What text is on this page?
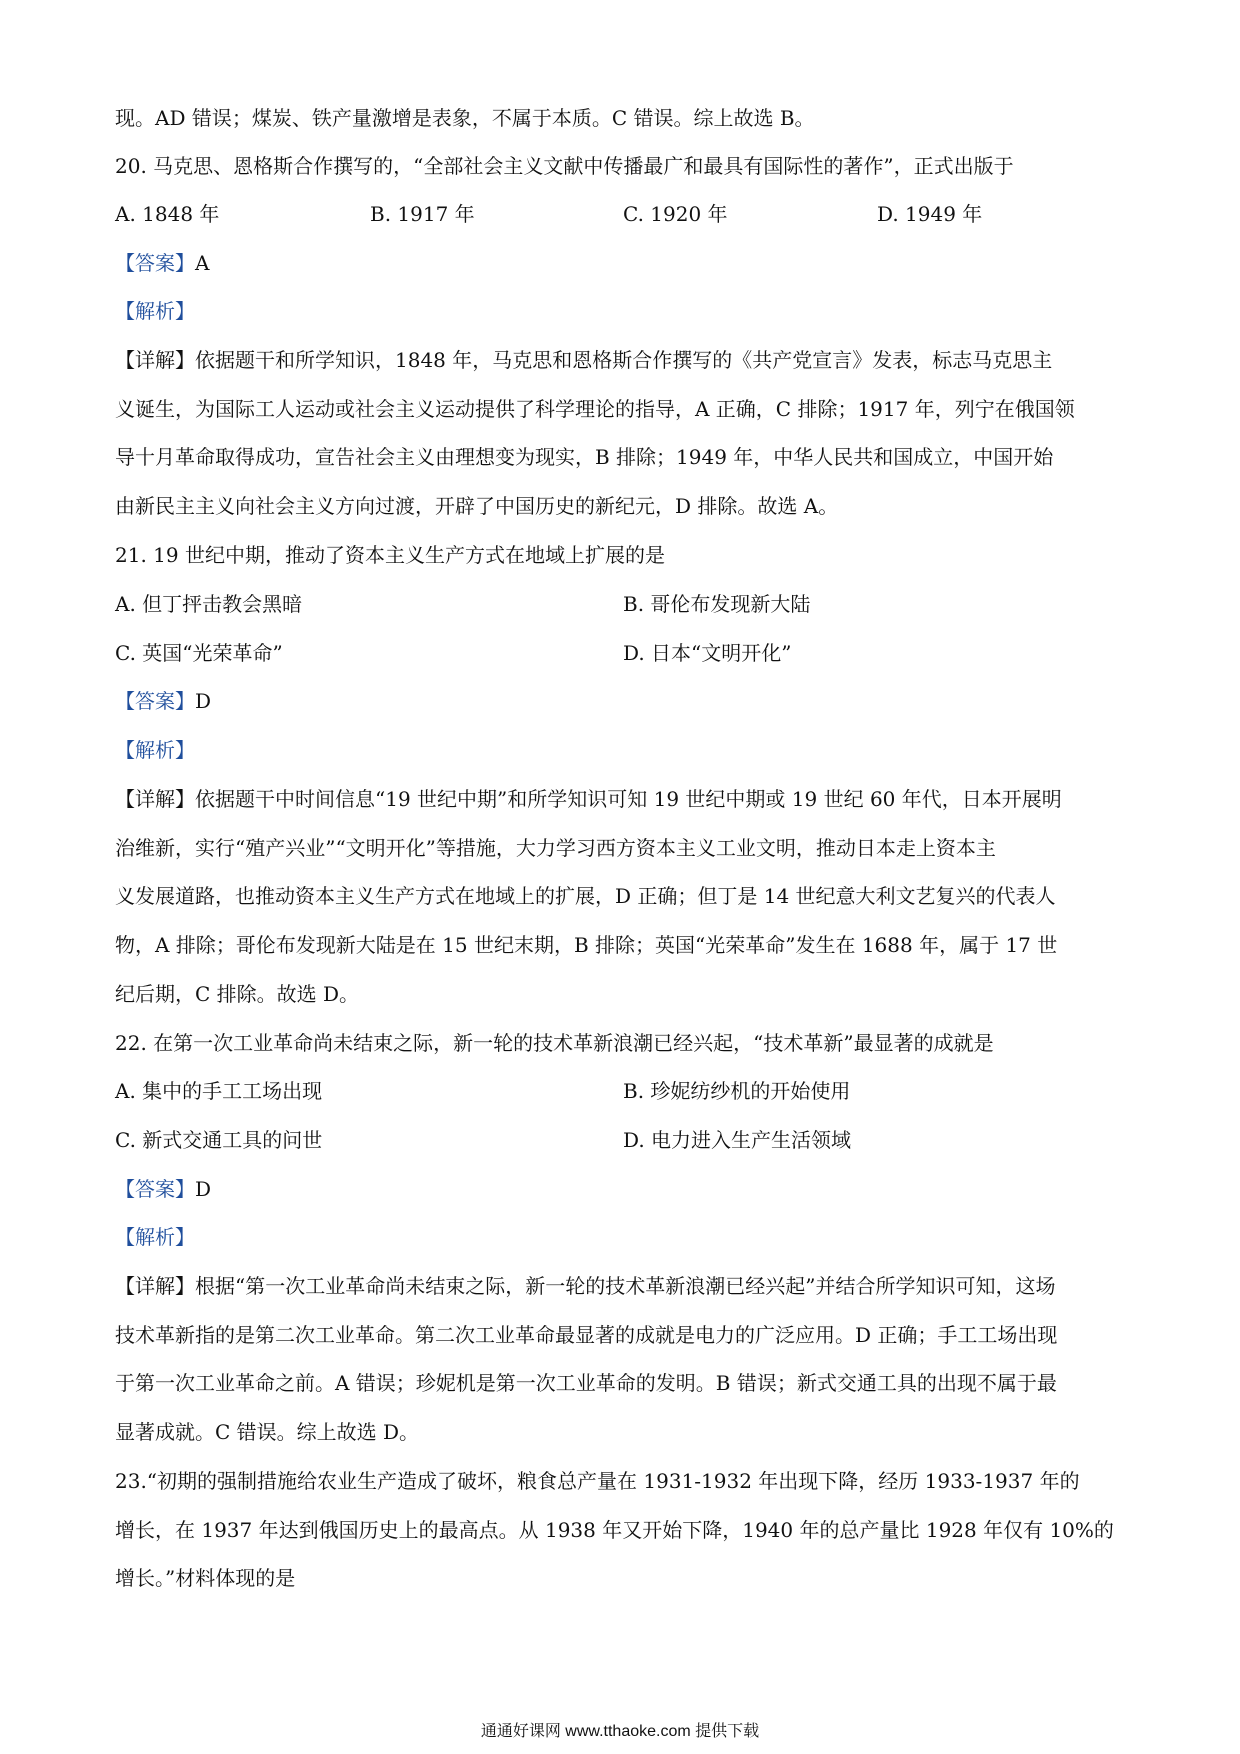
现。AD 错误；煤炭、铁产量激增是表象，不属于本质。C 错误。综上故选 B。
20. 马克思、恩格斯合作撰写的，“全部社会主义文献中传播最广和最具有国际性的著作”，正式出版于
A. 1848 年	B. 1917 年	C. 1920 年	D. 1949 年
【答案】A
【解析】
【详解】依据题干和所学知识，1848 年，马克思和恩格斯合作撰写的《共产党宣言》发表，标志马克思主
义诞生，为国际工人运动或社会主义运动提供了科学理论的指导，A 正确，C 排除；1917 年，列宁在俄国领
导十月革命取得成功，宣告社会主义由理想变为现实，B 排除；1949 年，中华人民共和国成立，中国开始
由新民主主义向社会主义方向过渡，开辟了中国历史的新纪元，D 排除。故选 A。
21. 19 世纪中期，推动了资本主义生产方式在地域上扩展的是
A. 但丁抨击教会黑暗	B. 哥伦布发现新大陆
C. 英国“光荣革命”	D. 日本“文明开化”
【答案】D
【解析】
【详解】依据题干中时间信息“19 世纪中期”和所学知识可知 19 世纪中期或 19 世纪 60 年代，日本开展明
治维新，实行“殖产兴业”“文明开化”等措施，大力学习西方资本主义工业文明，推动日本走上资本主
义发展道路，也推动资本主义生产方式在地域上的扩展，D 正确；但丁是 14 世纪意大利文艺复兴的代表人
物，A 排除；哥伦布发现新大陆是在 15 世纪末期，B 排除；英国“光荣革命”发生在 1688 年，属于 17 世
纪后期，C 排除。故选 D。
22. 在第一次工业革命尚未结束之际，新一轮的技术革新浪潮已经兴起，“技术革新”最显著的成就是
A. 集中的手工工场出现	B. 珍妮纺纱机的开始使用
C. 新式交通工具的问世	D. 电力进入生产生活领域
【答案】D
【解析】
【详解】根据“第一次工业革命尚未结束之际，新一轮的技术革新浪潮已经兴起”并结合所学知识可知，这场
技术革新指的是第二次工业革命。第二次工业革命最显著的成就是电力的广泛应用。D 正确；手工工场出现
于第一次工业革命之前。A 错误；珍妮机是第一次工业革命的发明。B 错误；新式交通工具的出现不属于最
显著成就。C 错误。综上故选 D。
23.“初期的强制措施给农业生产造成了破坏，粮食总产量在 1931-1932 年出现下降，经历 1933-1937 年的
增长，在 1937 年达到俄国历史上的最高点。从 1938 年又开始下降，1940 年的总产量比 1928 年仅有 10%的
增长。”材料体现的是
通通好课网 www.tthaoke.com 提供下载
